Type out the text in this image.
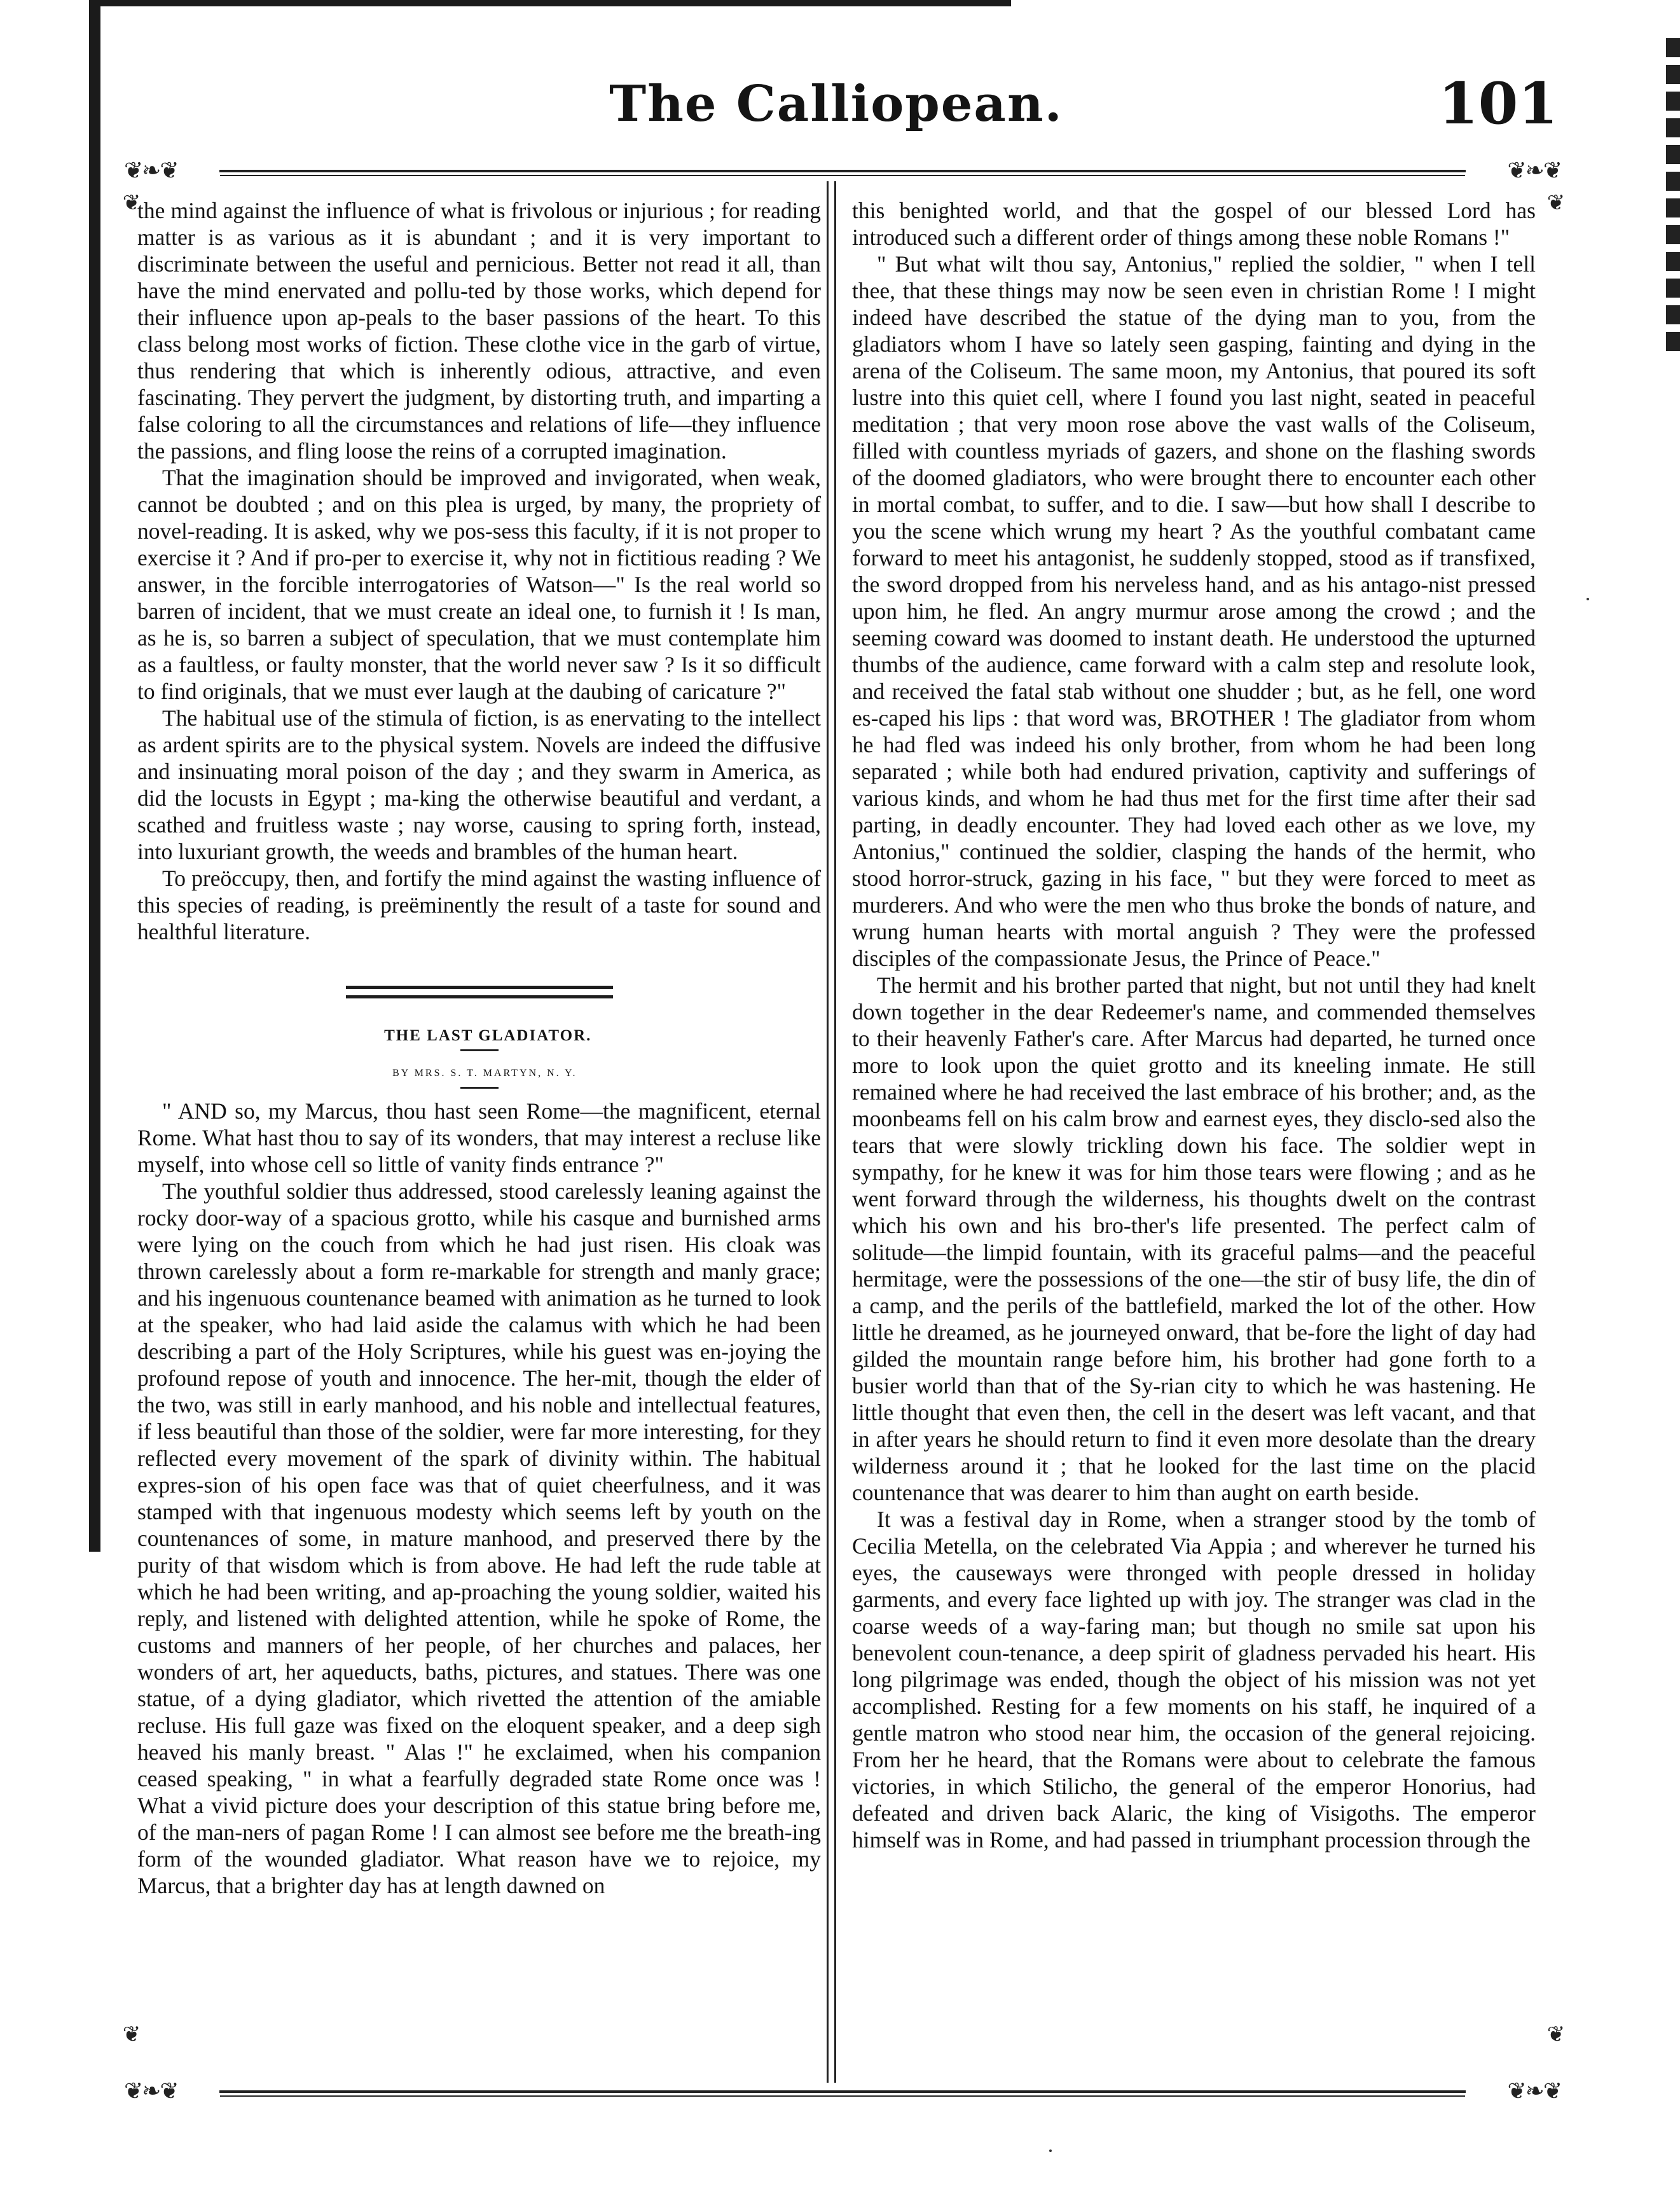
The Calliopean.	101
❦❧❦	❦❧❦
❦	❦
❦	❦

the mind against the influence of what is frivolous or injurious ; for reading matter is as various as it is abundant ; and it is very important to discriminate between the useful and pernicious. Better not read it all, than have the mind enervated and pollu-ted by those works, which depend for their influence upon ap-peals to the baser passions of the heart. To this class belong most works of fiction. These clothe vice in the garb of virtue, thus rendering that which is inherently odious, attractive, and even fascinating. They pervert the judgment, by distorting truth, and imparting a false coloring to all the circumstances and relations of life—they influence the passions, and fling loose the reins of a corrupted imagination.

That the imagination should be improved and invigorated, when weak, cannot be doubted ; and on this plea is urged, by many, the propriety of novel-reading. It is asked, why we pos-sess this faculty, if it is not proper to exercise it ? And if pro-per to exercise it, why not in fictitious reading ? We answer, in the forcible interrogatories of Watson—" Is the real world so barren of incident, that we must create an ideal one, to furnish it ! Is man, as he is, so barren a subject of speculation, that we must contemplate him as a faultless, or faulty monster, that the world never saw ? Is it so difficult to find originals, that we must ever laugh at the daubing of caricature ?"

The habitual use of the stimula of fiction, is as enervating to the intellect as ardent spirits are to the physical system. Novels are indeed the diffusive and insinuating moral poison of the day ; and they swarm in America, as did the locusts in Egypt ; ma-king the otherwise beautiful and verdant, a scathed and fruitless waste ; nay worse, causing to spring forth, instead, into luxuriant growth, the weeds and brambles of the human heart.

To preöccupy, then, and fortify the mind against the wasting influence of this species of reading, is preëminently the result of a taste for sound and healthful literature.

THE LAST GLADIATOR.

BY MRS. S. T. MARTYN, N. Y.

" AND so, my Marcus, thou hast seen Rome—the magnificent, eternal Rome. What hast thou to say of its wonders, that may interest a recluse like myself, into whose cell so little of vanity finds entrance ?"

The youthful soldier thus addressed, stood carelessly leaning against the rocky door-way of a spacious grotto, while his casque and burnished arms were lying on the couch from which he had just risen. His cloak was thrown carelessly about a form re-markable for strength and manly grace; and his ingenuous countenance beamed with animation as he turned to look at the speaker, who had laid aside the calamus with which he had been describing a part of the Holy Scriptures, while his guest was en-joying the profound repose of youth and innocence. The her-mit, though the elder of the two, was still in early manhood, and his noble and intellectual features, if less beautiful than those of the soldier, were far more interesting, for they reflected every movement of the spark of divinity within. The habitual expres-sion of his open face was that of quiet cheerfulness, and it was stamped with that ingenuous modesty which seems left by youth on the countenances of some, in mature manhood, and preserved there by the purity of that wisdom which is from above. He had left the rude table at which he had been writing, and ap-proaching the young soldier, waited his reply, and listened with delighted attention, while he spoke of Rome, the customs and manners of her people, of her churches and palaces, her wonders of art, her aqueducts, baths, pictures, and statues. There was one statue, of a dying gladiator, which rivetted the attention of the amiable recluse. His full gaze was fixed on the eloquent speaker, and a deep sigh heaved his manly breast. " Alas !" he exclaimed, when his companion ceased speaking, " in what a fearfully degraded state Rome once was ! What a vivid picture does your description of this statue bring before me, of the man-ners of pagan Rome ! I can almost see before me the breath-ing form of the wounded gladiator. What reason have we to rejoice, my Marcus, that a brighter day has at length dawned on

this benighted world, and that the gospel of our blessed Lord has introduced such a different order of things among these noble Romans !"

" But what wilt thou say, Antonius," replied the soldier, " when I tell thee, that these things may now be seen even in christian Rome ! I might indeed have described the statue of the dying man to you, from the gladiators whom I have so lately seen gasping, fainting and dying in the arena of the Coliseum. The same moon, my Antonius, that poured its soft lustre into this quiet cell, where I found you last night, seated in peaceful meditation ; that very moon rose above the vast walls of the Coliseum, filled with countless myriads of gazers, and shone on the flashing swords of the doomed gladiators, who were brought there to encounter each other in mortal combat, to suffer, and to die. I saw—but how shall I describe to you the scene which wrung my heart ? As the youthful combatant came forward to meet his antagonist, he suddenly stopped, stood as if transfixed, the sword dropped from his nerveless hand, and as his antago-nist pressed upon him, he fled. An angry murmur arose among the crowd ; and the seeming coward was doomed to instant death. He understood the upturned thumbs of the audience, came forward with a calm step and resolute look, and received the fatal stab without one shudder ; but, as he fell, one word es-caped his lips : that word was, BROTHER ! The gladiator from whom he had fled was indeed his only brother, from whom he had been long separated ; while both had endured privation, captivity and sufferings of various kinds, and whom he had thus met for the first time after their sad parting, in deadly encounter. They had loved each other as we love, my Antonius," continued the soldier, clasping the hands of the hermit, who stood horror-struck, gazing in his face, " but they were forced to meet as murderers. And who were the men who thus broke the bonds of nature, and wrung human hearts with mortal anguish ? They were the professed disciples of the compassionate Jesus, the Prince of Peace."

The hermit and his brother parted that night, but not until they had knelt down together in the dear Redeemer's name, and commended themselves to their heavenly Father's care. After Marcus had departed, he turned once more to look upon the quiet grotto and its kneeling inmate. He still remained where he had received the last embrace of his brother; and, as the moonbeams fell on his calm brow and earnest eyes, they disclo-sed also the tears that were slowly trickling down his face. The soldier wept in sympathy, for he knew it was for him those tears were flowing ; and as he went forward through the wilderness, his thoughts dwelt on the contrast which his own and his bro-ther's life presented. The perfect calm of solitude—the limpid fountain, with its graceful palms—and the peaceful hermitage, were the possessions of the one—the stir of busy life, the din of a camp, and the perils of the battlefield, marked the lot of the other. How little he dreamed, as he journeyed onward, that be-fore the light of day had gilded the mountain range before him, his brother had gone forth to a busier world than that of the Sy-rian city to which he was hastening. He little thought that even then, the cell in the desert was left vacant, and that in after years he should return to find it even more desolate than the dreary wilderness around it ; that he looked for the last time on the placid countenance that was dearer to him than aught on earth beside.

It was a festival day in Rome, when a stranger stood by the tomb of Cecilia Metella, on the celebrated Via Appia ; and wherever he turned his eyes, the causeways were thronged with people dressed in holiday garments, and every face lighted up with joy. The stranger was clad in the coarse weeds of a way-faring man; but though no smile sat upon his benevolent coun-tenance, a deep spirit of gladness pervaded his heart. His long pilgrimage was ended, though the object of his mission was not yet accomplished. Resting for a few moments on his staff, he inquired of a gentle matron who stood near him, the occasion of the general rejoicing. From her he heard, that the Romans were about to celebrate the famous victories, in which Stilicho, the general of the emperor Honorius, had defeated and driven back Alaric, the king of Visigoths. The emperor himself was in Rome, and had passed in triumphant procession through the

❦❧❦	❦❧❦
